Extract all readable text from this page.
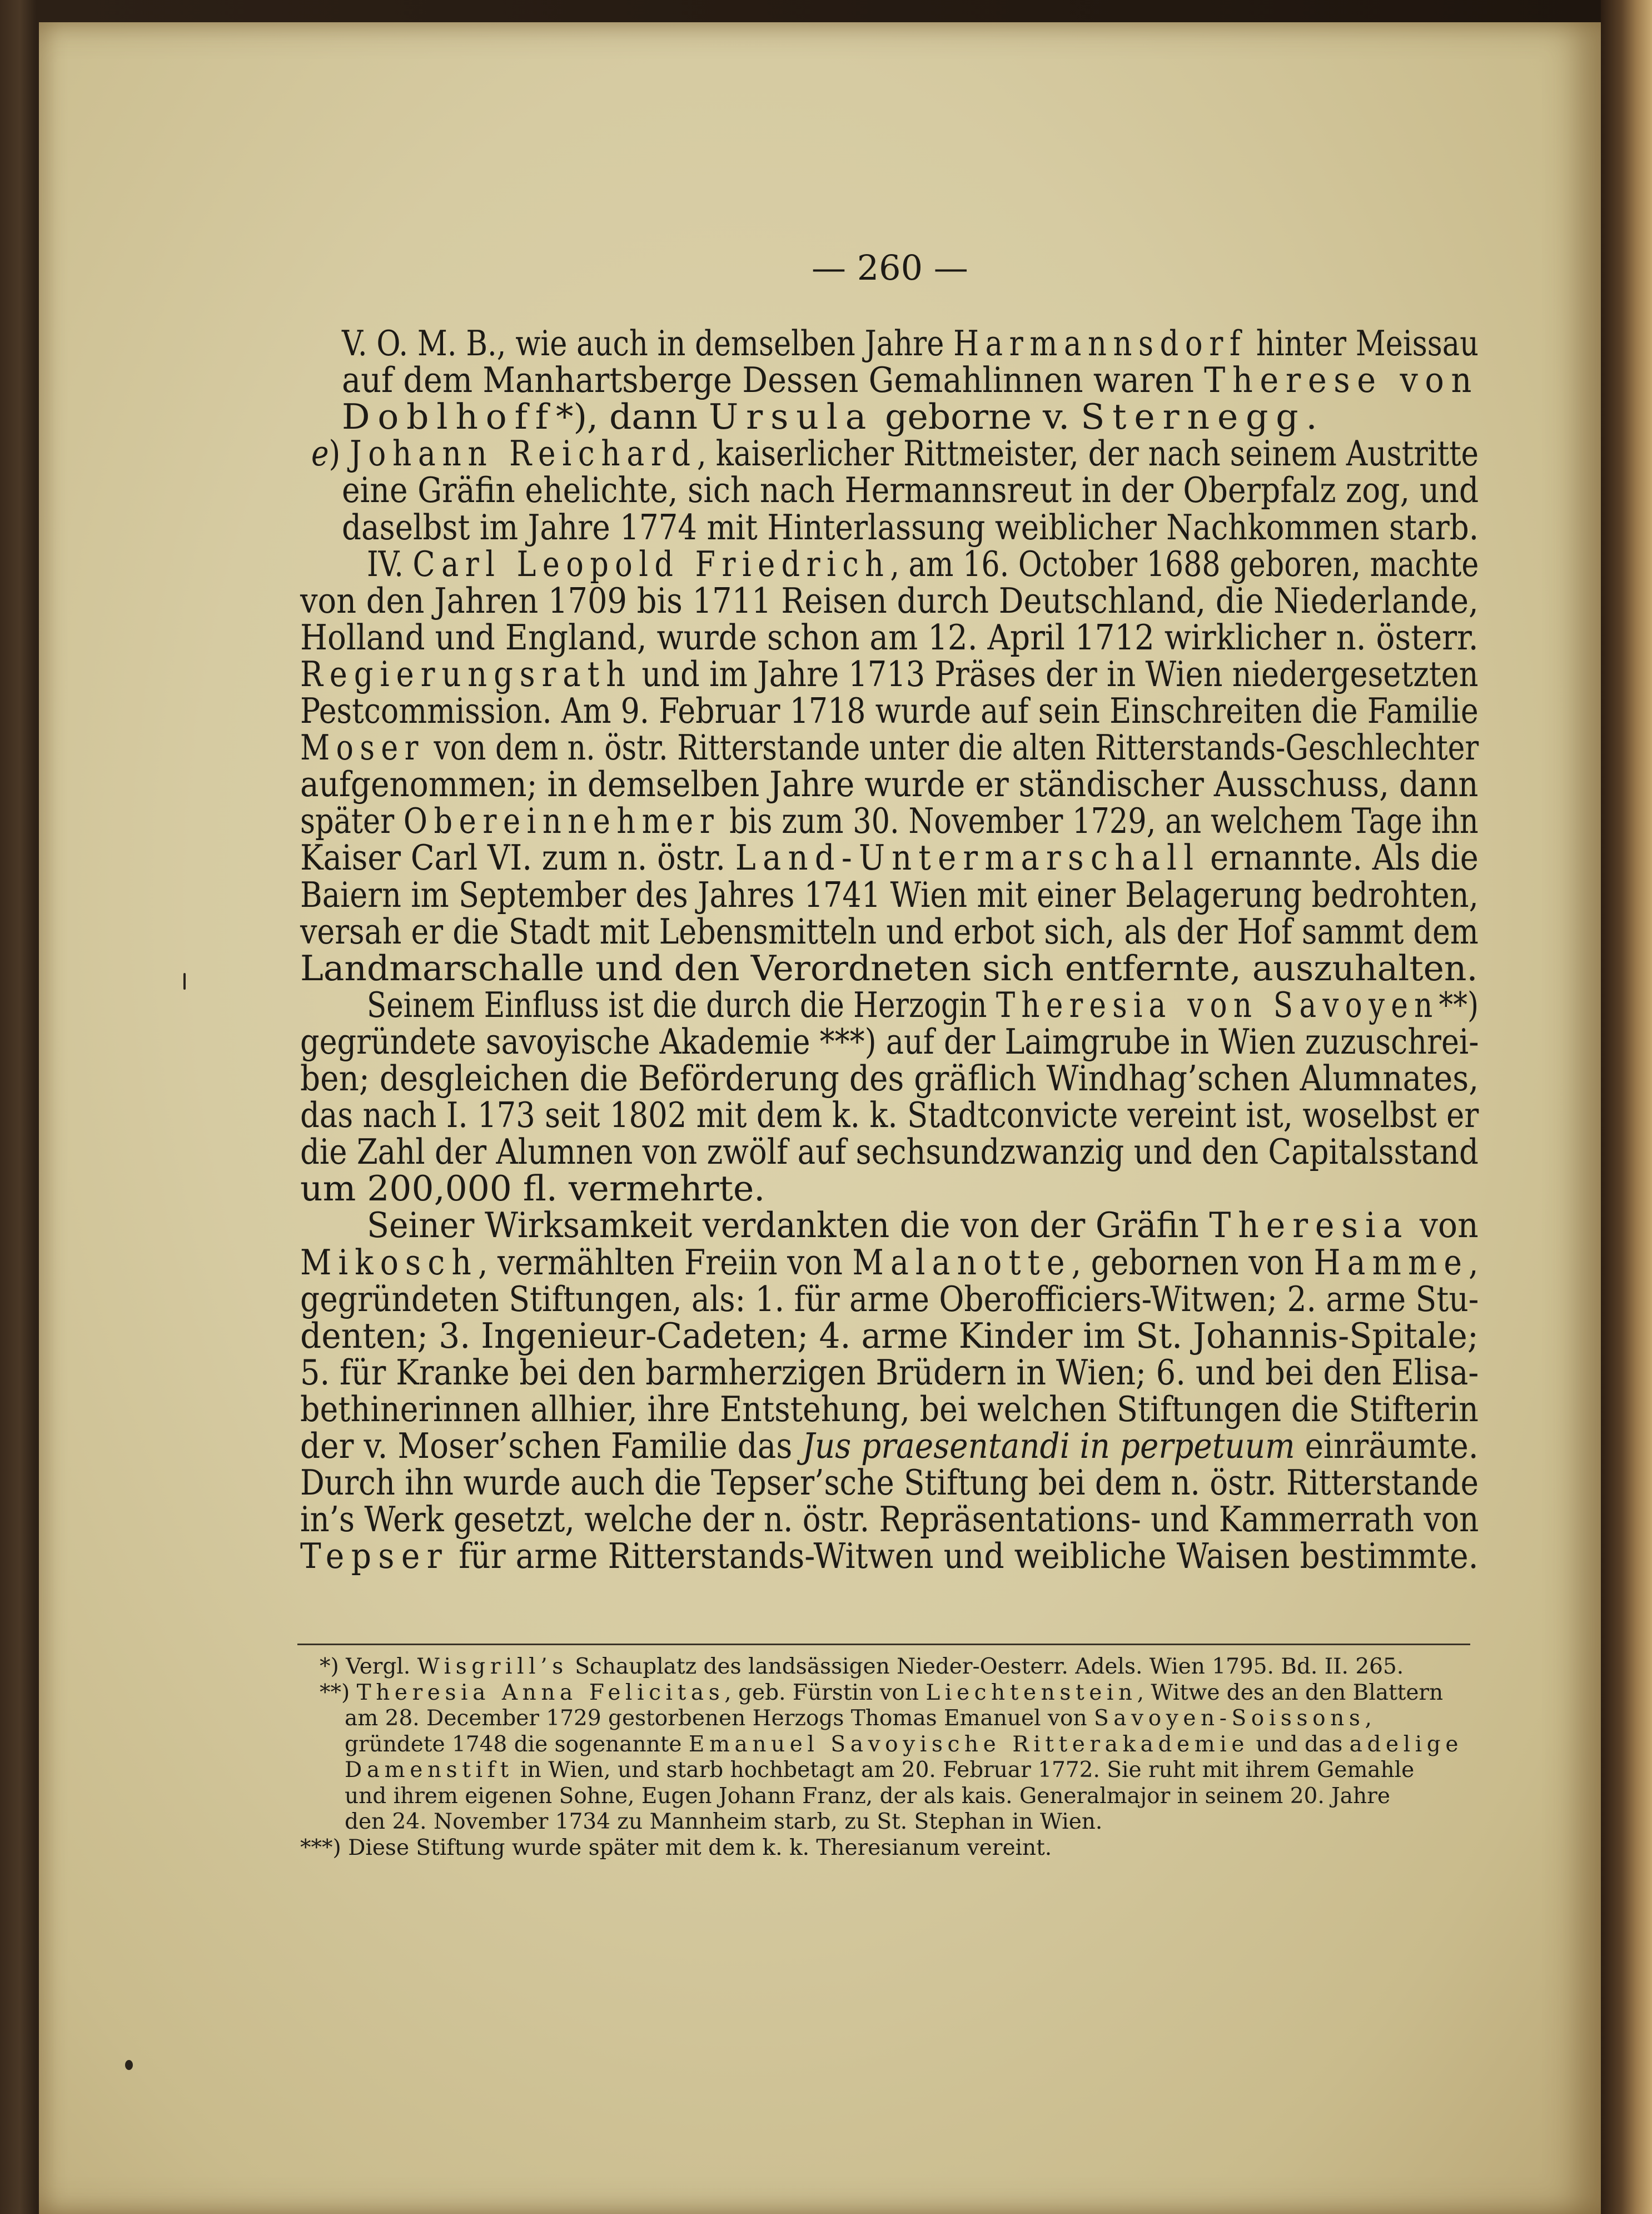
— 260 —
V. O. M. B., wie auch in demselben Jahre Harmannsdorf hinter Meissau
auf dem Manhartsberge Dessen Gemahlinnen waren Therese von
Doblhoff*), dann Ursula geborne v. Sternegg.
e) Johann Reichard, kaiserlicher Rittmeister, der nach seinem Austritte
eine Gräfin ehelichte, sich nach Hermannsreut in der Oberpfalz zog, und
daselbst im Jahre 1774 mit Hinterlassung weiblicher Nachkommen starb.
IV. Carl Leopold Friedrich, am 16. October 1688 geboren, machte
von den Jahren 1709 bis 1711 Reisen durch Deutschland, die Niederlande,
Holland und England, wurde schon am 12. April 1712 wirklicher n. österr.
Regierungsrath und im Jahre 1713 Präses der in Wien niedergesetzten
Pestcommission. Am 9. Februar 1718 wurde auf sein Einschreiten die Familie
Moser von dem n. östr. Ritterstande unter die alten Ritterstands-Geschlechter
aufgenommen; in demselben Jahre wurde er ständischer Ausschuss, dann
später Obereinnehmer bis zum 30. November 1729, an welchem Tage ihn
Kaiser Carl VI. zum n. östr. Land-Untermarschall ernannte. Als die
Baiern im September des Jahres 1741 Wien mit einer Belagerung bedrohten,
versah er die Stadt mit Lebensmitteln und erbot sich, als der Hof sammt dem
Landmarschalle und den Verordneten sich entfernte, auszuhalten.
Seinem Einfluss ist die durch die Herzogin Theresia von Savoyen**)
gegründete savoyische Akademie ***) auf der Laimgrube in Wien zuzuschrei-
ben; desgleichen die Beförderung des gräflich Windhag’schen Alumnates,
das nach I. 173 seit 1802 mit dem k. k. Stadtconvicte vereint ist, woselbst er
die Zahl der Alumnen von zwölf auf sechsundzwanzig und den Capitalsstand
um 200,000 fl. vermehrte.
Seiner Wirksamkeit verdankten die von der Gräfin Theresia von
Mikosch, vermählten Freiin von Malanotte, gebornen von Hamme,
gegründeten Stiftungen, als: 1. für arme Oberofficiers-Witwen; 2. arme Stu-
denten; 3. Ingenieur-Cadeten; 4. arme Kinder im St. Johannis-Spitale;
5. für Kranke bei den barmherzigen Brüdern in Wien; 6. und bei den Elisa-
bethinerinnen allhier, ihre Entstehung, bei welchen Stiftungen die Stifterin
der v. Moser’schen Familie das Jus praesentandi in perpetuum einräumte.
Durch ihn wurde auch die Tepser’sche Stiftung bei dem n. östr. Ritterstande
in’s Werk gesetzt, welche der n. östr. Repräsentations- und Kammerrath von
Tepser für arme Ritterstands-Witwen und weibliche Waisen bestimmte.
*) Vergl. Wisgrill’s Schauplatz des landsässigen Nieder-Oesterr. Adels. Wien 1795. Bd. II. 265.
**) Theresia Anna Felicitas, geb. Fürstin von Liechtenstein, Witwe des an den Blattern
am 28. December 1729 gestorbenen Herzogs Thomas Emanuel von Savoyen-Soissons,
gründete 1748 die sogenannte Emanuel Savoyische Ritterakademie und das adelige
Damenstift in Wien, und starb hochbetagt am 20. Februar 1772. Sie ruht mit ihrem Gemahle
und ihrem eigenen Sohne, Eugen Johann Franz, der als kais. Generalmajor in seinem 20. Jahre
den 24. November 1734 zu Mannheim starb, zu St. Stephan in Wien.
***) Diese Stiftung wurde später mit dem k. k. Theresianum vereint.
